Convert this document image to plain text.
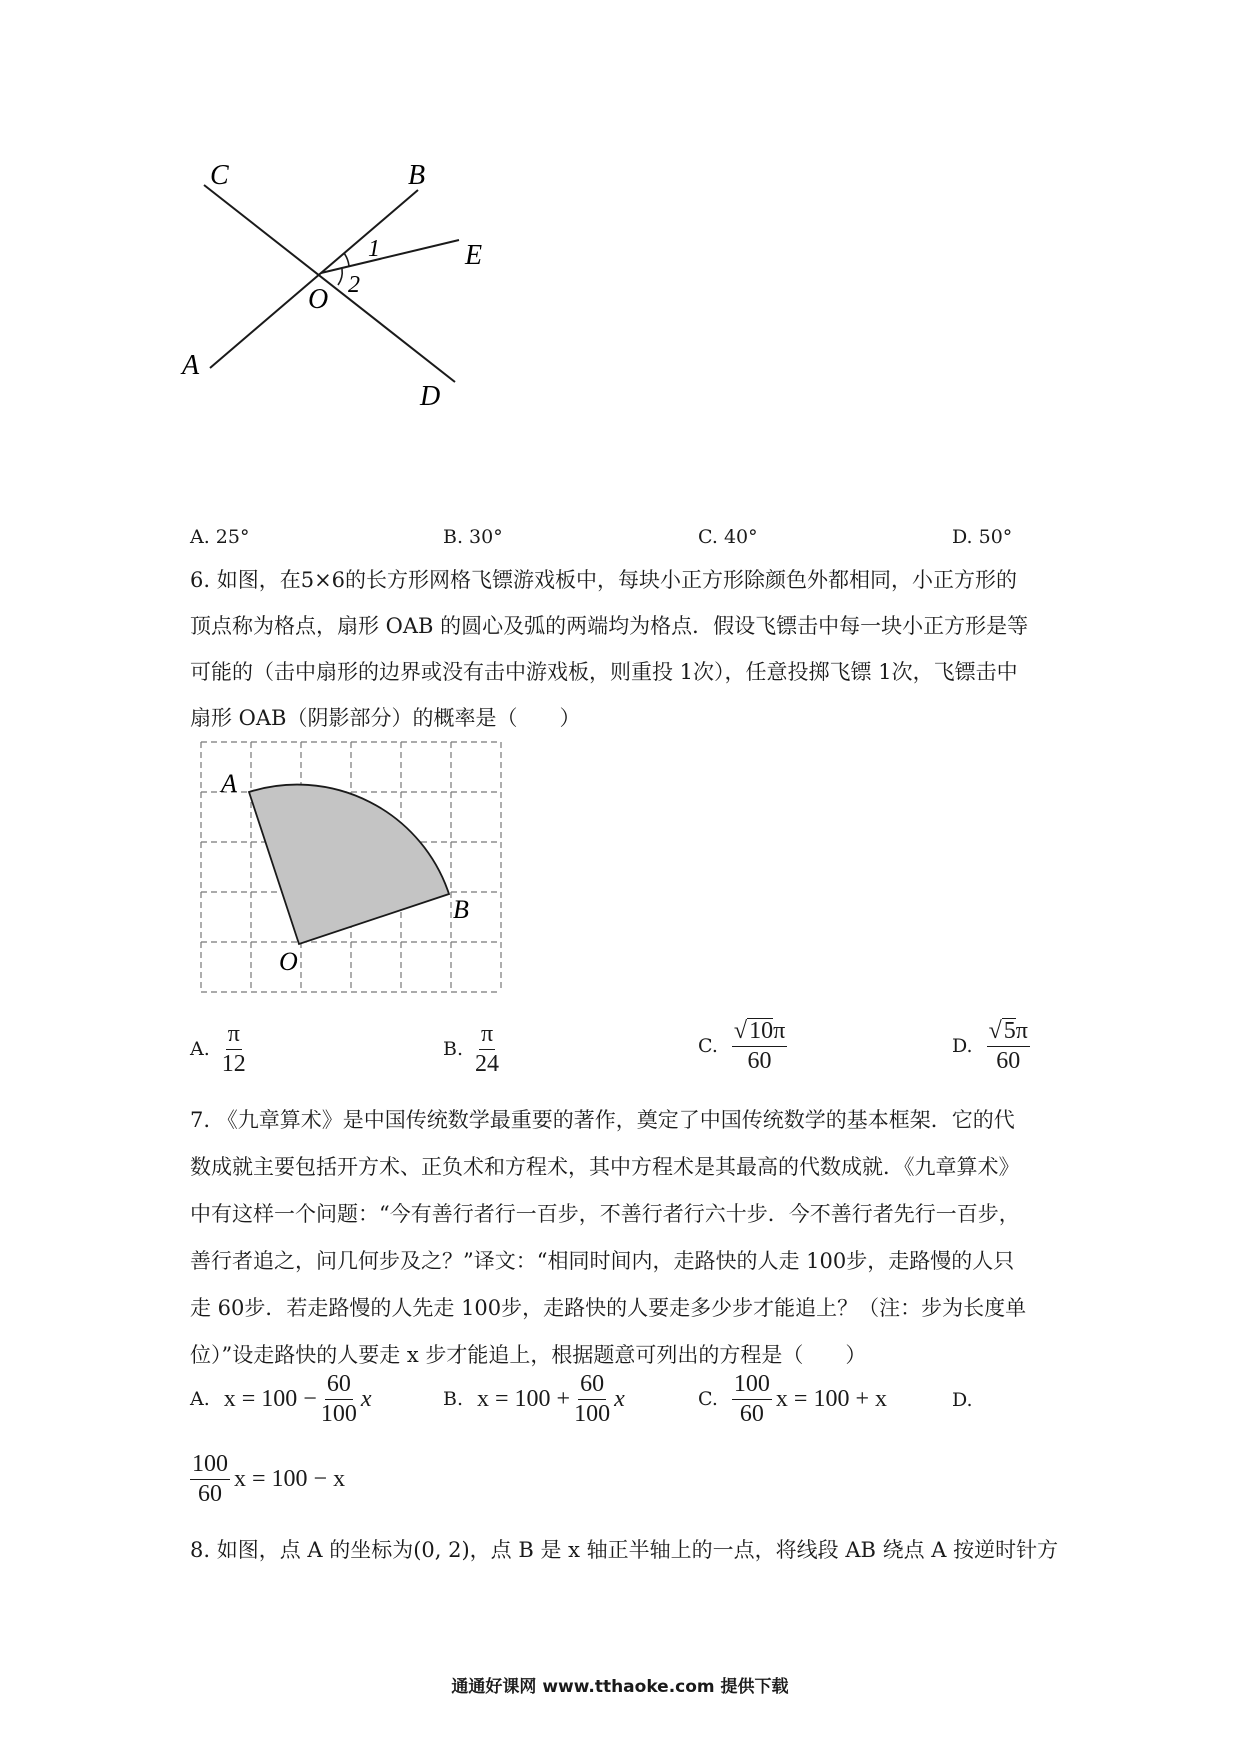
C	B
E
O
A
D
1
2
A. 25°	B. 30°	C. 40°	D. 50°
6. 如图，在5×6的长方形网格飞镖游戏板中，每块小正方形除颜色外都相同，小正方形的
顶点称为格点，扇形 OAB 的圆心及弧的两端均为格点．假设飞镖击中每一块小正方形是等
可能的（击中扇形的边界或没有击中游戏板，则重投 1次），任意投掷飞镖 1次，飞镖击中
扇形 OAB（阴影部分）的概率是（　　）
A
B
O
A. $\frac{\pi}{12}$	B. $\frac{\pi}{24}$	C. $\frac{√10\pi}{60}$	D. $\frac{√5\pi}{60}$
7. 《九章算术》是中国传统数学最重要的著作，奠定了中国传统数学的基本框架．它的代
数成就主要包括开方术、正负术和方程术，其中方程术是其最高的代数成就．《九章算术》
中有这样一个问题：“今有善行者行一百步，不善行者行六十步．今不善行者先行一百步，
善行者追之，问几何步及之？”译文：“相同时间内，走路快的人走 100步，走路慢的人只
走 60步．若走路慢的人先走 100步，走路快的人要走多少步才能追上？（注：步为长度单
位）”设走路快的人要走 x 步才能追上，根据题意可列出的方程是（　　）
A. $x = 100 - \frac{60}{100}$ x	B. $x = 100 + \frac{60}{100}$ x	C. $\frac{100}{60}$ x = 100 + x	D.
$\frac{100}{60}$ x = 100 − x
8. 如图，点 A 的坐标为(0, 2)，点 B 是 x 轴正半轴上的一点，将线段 AB 绕点 A 按逆时针方
通通好课网 www.tthaoke.com 提供下载
